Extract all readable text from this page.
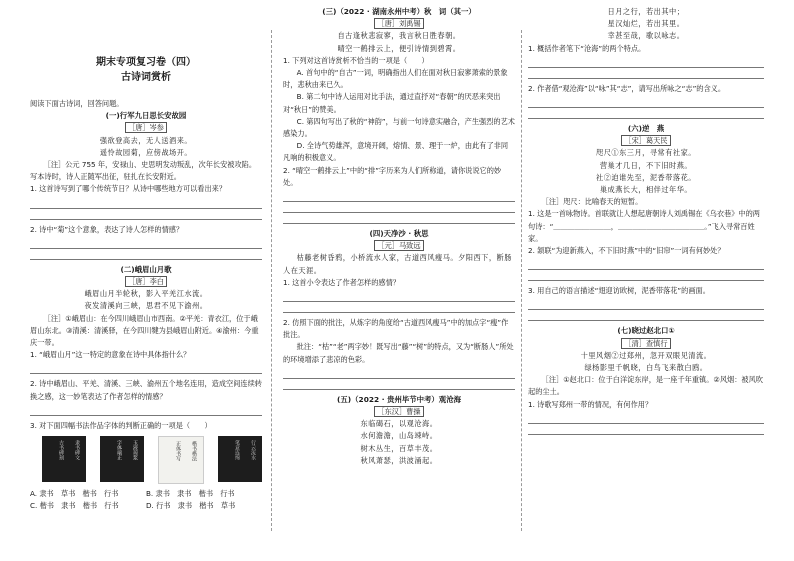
期末专项复习卷（四）
古诗词赏析

阅读下面古诗词，回答问题。

(一)行军九日思长安故园
［唐］岑参
强欲登高去，无人送酒来。
遥怜故园菊，应傍战场开。

［注］公元 755 年，安禄山、史思明发动叛乱，次年长安被攻陷。写本诗时，诗人正随军出征，驻扎在长安附近。

1. 这首诗写到了哪个传统节日？从诗中哪些地方可以看出来？

2. 诗中“菊”这个意象，表达了诗人怎样的情感？

(二)峨眉山月歌
［唐］李白
峨眉山月半轮秋，影入平羌江水流。
夜发清溪向三峡，思君不见下渝州。

［注］①峨眉山：在今四川峨眉山市西南。②平羌：青衣江，位于峨眉山东北。③清溪：清溪驿，在今四川犍为县峨眉山附近。④渝州：今重庆一带。

1. “峨眉山月”这一特定的意象在诗中具体指什么？

2. 诗中峨眉山、平羌、清溪、三峡、渝州五个地名连用，造成空间连续转换之感，这一妙笔表达了作者怎样的情感？

3. 对下面四幅书法作品字体的判断正确的一项是（　　）

隶书碑文
古书碑刻	玉液琼浆
字体端正	楷书楷法
正体书写	行云流水
笔意连绵
A. 隶书　草书　楷书　行书	B. 隶书　隶书　楷书　行书
C. 楷书　隶书　楷书　行书	D. 行书　隶书　楷书　草书
(三)（2022 · 湖南永州中考）秋　词（其一）
［唐］刘禹锡
自古逢秋悲寂寥，我言秋日胜春朝。
晴空一鹤排云上，便引诗情到碧霄。

1. 下列对这首诗赏析不恰当的一项是（　　）

A. 首句中的“自古”一词，明确指出人们在面对秋日寂寥萧索的景象时，悲秋由来已久。

B. 第二句中诗人运用对比手法，通过直抒对“春朝”的厌恶来突出对“秋日”的赞美。

C. 第四句写出了秋的“神韵”，与前一句诗意实融合，产生强烈的艺术感染力。

D. 全诗气势雄浑，意境开阔，熔情、景、理于一炉，由此有了非同凡响的积极意义。

2. “晴空一鹤排云上”中的“排”字历来为人们所称道，请你说说它的妙处。

(四)天净沙 · 秋思
［元］马致远

枯藤老树昏鸦，小桥流水人家，古道西风瘦马。夕阳西下，断肠人在天涯。

1. 这首小令表达了作者怎样的感情？

2. 仿照下面的批注，从炼字的角度给“古道西风瘦马”中的加点字“瘦”作批注。

批注：“枯”“老”两字妙！既写出“藤”“树”的特点，又为“断肠人”所处的环境增添了悲凉的色彩。

(五)（2022 · 贵州毕节中考）观沧海
［东汉］曹操
东临碣石，以观沧海。
水何澹澹，山岛竦峙。
树木丛生，百草丰茂。
秋风萧瑟，洪波涌起。
日月之行，若出其中；
星汉灿烂，若出其里。
幸甚至哉，歌以咏志。

1. 概括作者笔下“沧海”的两个特点。

2. 作者借“观沧海”以“咏”其“志”，请写出所咏之“志”的含义。

(六)逆　燕
［宋］葛天民
咫尺①东三月，寻常有社家。
营巢才几日，不下旧时燕。
社②迫谁先至，泥香带落花。
巢成燕长大，相伴过年华。

［注］咫尺：比喻春天的短暂。

1. 这是一首咏物诗。首联就让人想起唐朝诗人刘禹锡在《乌衣巷》中的两句诗：“＿＿＿＿＿＿＿＿，＿＿＿＿＿＿＿＿＿＿＿＿。”飞入寻常百姓家。

2. 颔联“为迎新燕入，不下旧时燕”中的“旧帘”一词有何妙处？

3. 用自己的语言描述“翅迎访欧树，泥香带落花”的画面。

(七)晓过赵北口①
［清］查慎行
十里风烟②过郑州，忽开双眼见清流。
绿杨影里千帆晓，白鸟飞来散白鸥。

［注］①赵北口：位于白洋淀东岸，是一座千年重镇。②风烟：被风吹起的尘土。

1. 诗歌写郑州一带的情况，有何作用？
